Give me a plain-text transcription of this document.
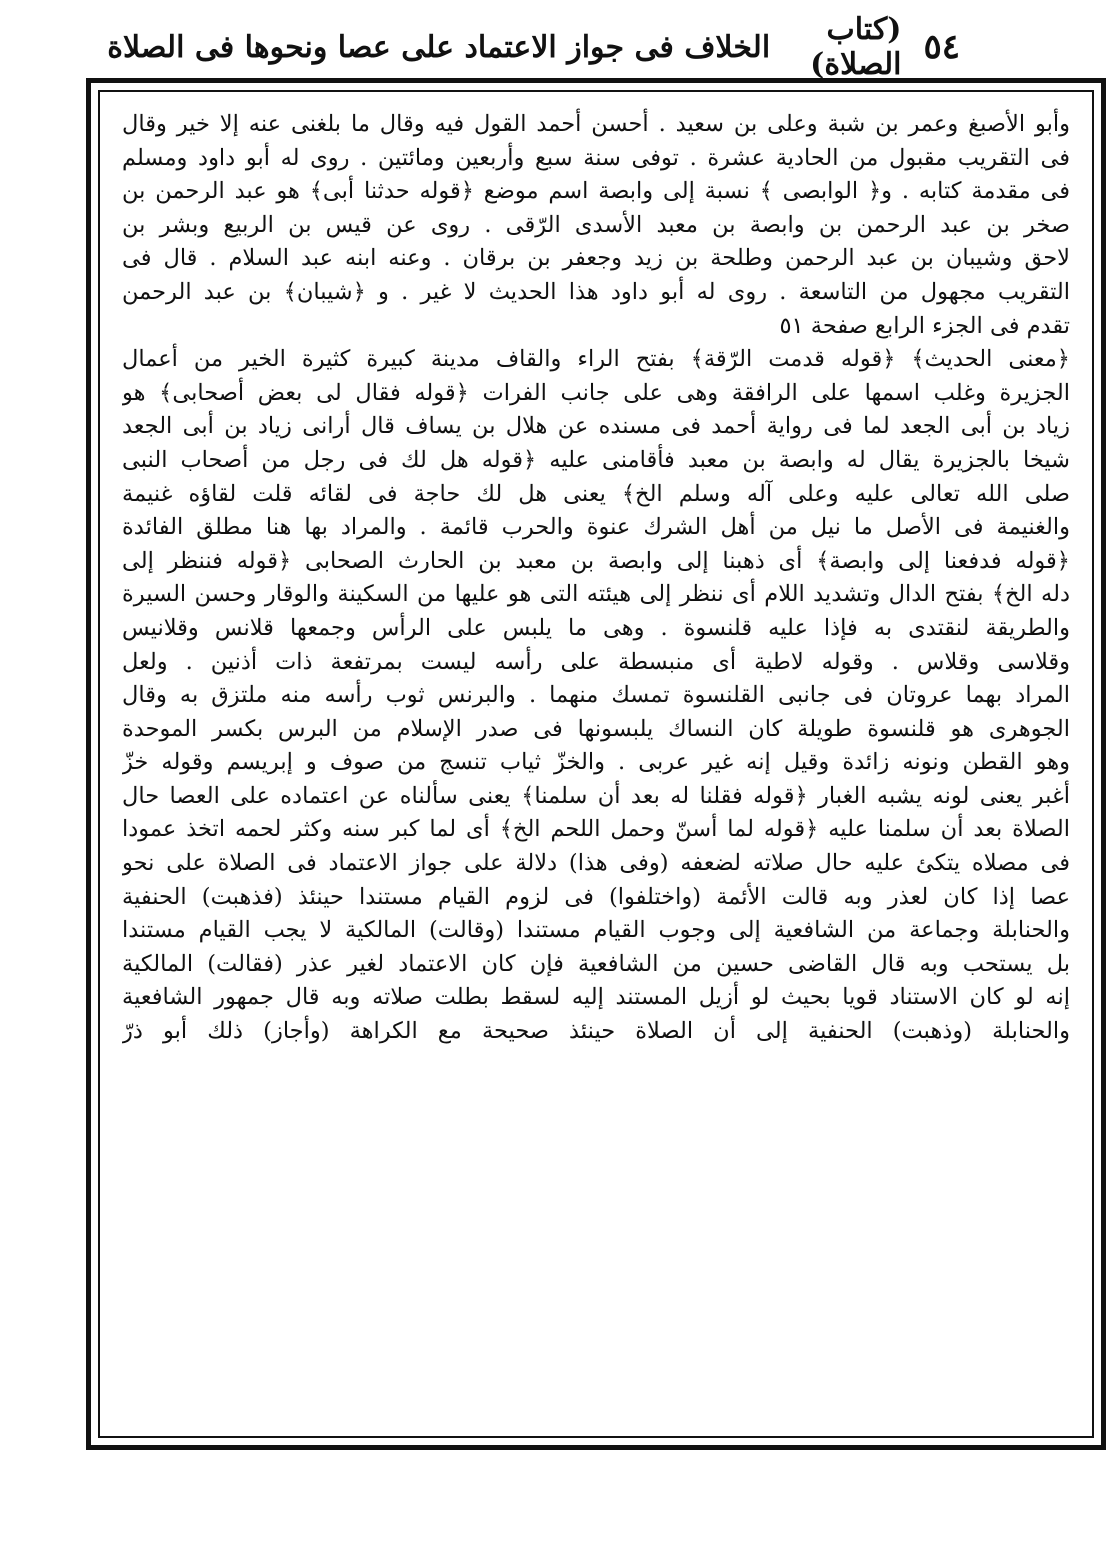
٥٤
(كتاب الصلاة)
الخلاف فى جواز الاعتماد على عصا ونحوها فى الصلاة
وأبو الأصبغ وعمر بن شبة وعلى بن سعيد . أحسن أحمد القول فيه وقال ما بلغنى عنه إلا خير وقال
فى التقريب مقبول من الحادية عشرة . توفى سنة سبع وأربعين ومائتين . روى له أبو داود ومسلم
فى مقدمة كتابه . و﴿ الوابصى ﴾ نسبة إلى وابصة اسم موضع ﴿قوله حدثنا أبى﴾ هو عبد الرحمن بن
صخر بن عبد الرحمن بن وابصة بن معبد الأسدى الرّقى . روى عن قيس بن الربيع وبشر بن
لاحق وشيبان بن عبد الرحمن وطلحة بن زيد وجعفر بن برقان . وعنه ابنه عبد السلام . قال فى
التقريب مجهول من التاسعة . روى له أبو داود هذا الحديث لا غير . و ﴿شيبان﴾ بن عبد الرحمن
تقدم فى الجزء الرابع صفحة ٥١
﴿معنى الحديث﴾ ﴿قوله قدمت الرّقة﴾ بفتح الراء والقاف مدينة كبيرة كثيرة الخير من أعمال
الجزيرة وغلب اسمها على الرافقة وهى على جانب الفرات ﴿قوله فقال لى بعض أصحابى﴾ هو
زياد بن أبى الجعد لما فى رواية أحمد فى مسنده عن هلال بن يساف قال أرانى زياد بن أبى الجعد
شيخا بالجزيرة يقال له وابصة بن معبد فأقامنى عليه ﴿قوله هل لك فى رجل من أصحاب النبى
صلى الله تعالى عليه وعلى آله وسلم الخ﴾ يعنى هل لك حاجة فى لقائه قلت لقاؤه غنيمة
والغنيمة فى الأصل ما نيل من أهل الشرك عنوة والحرب قائمة . والمراد بها هنا مطلق الفائدة
﴿قوله فدفعنا إلى وابصة﴾ أى ذهبنا إلى وابصة بن معبد بن الحارث الصحابى ﴿قوله فننظر إلى
دله الخ﴾ بفتح الدال وتشديد اللام أى ننظر إلى هيئته التى هو عليها من السكينة والوقار وحسن السيرة
والطريقة لنقتدى به فإذا عليه قلنسوة . وهى ما يلبس على الرأس وجمعها قلانس وقلانيس
وقلاسى وقلاس . وقوله لاطية أى منبسطة على رأسه ليست بمرتفعة ذات أذنين . ولعل
المراد بهما عروتان فى جانبى القلنسوة تمسك منهما . والبرنس ثوب رأسه منه ملتزق به وقال
الجوهرى هو قلنسوة طويلة كان النساك يلبسونها فى صدر الإسلام من البرس بكسر الموحدة
وهو القطن ونونه زائدة وقيل إنه غير عربى . والخزّ ثياب تنسج من صوف و إبريسم وقوله خزّ
أغبر يعنى لونه يشبه الغبار ﴿قوله فقلنا له بعد أن سلمنا﴾ يعنى سألناه عن اعتماده على العصا حال
الصلاة بعد أن سلمنا عليه ﴿قوله لما أسنّ وحمل اللحم الخ﴾ أى لما كبر سنه وكثر لحمه اتخذ عمودا
فى مصلاه يتكئ عليه حال صلاته لضعفه (وفى هذا) دلالة على جواز الاعتماد فى الصلاة على نحو
عصا إذا كان لعذر وبه قالت الأئمة (واختلفوا) فى لزوم القيام مستندا حينئذ (فذهبت) الحنفية
والحنابلة وجماعة من الشافعية إلى وجوب القيام مستندا (وقالت) المالكية لا يجب القيام مستندا
بل يستحب وبه قال القاضى حسين من الشافعية فإن كان الاعتماد لغير عذر (فقالت) المالكية
إنه لو كان الاستناد قويا بحيث لو أزيل المستند إليه لسقط بطلت صلاته وبه قال جمهور الشافعية
والحنابلة (وذهبت) الحنفية إلى أن الصلاة حينئذ صحيحة مع الكراهة (وأجاز) ذلك أبو ذرّ
